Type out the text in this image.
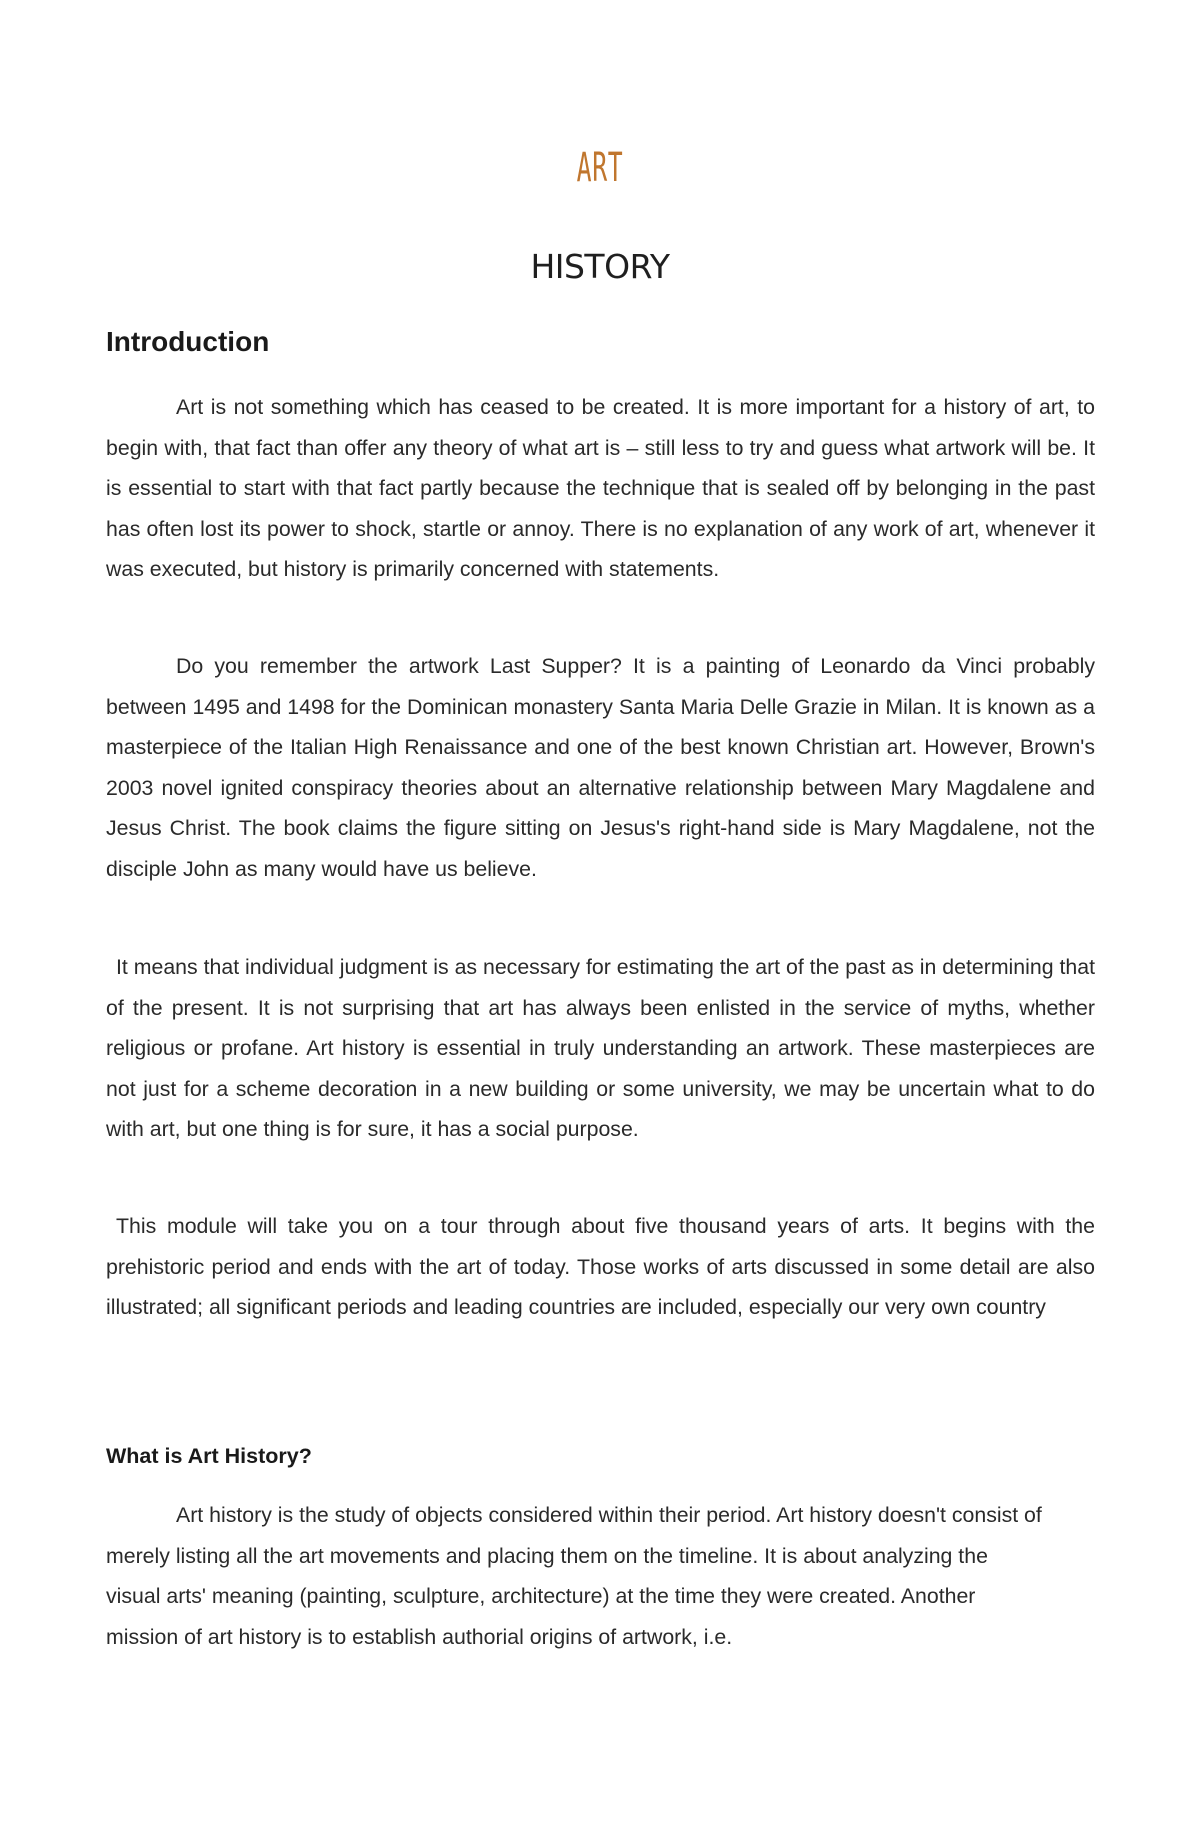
ART
HISTORY
Introduction

Art is not something which has ceased to be created. It is more important for a history of art, to begin with, that fact than offer any theory of what art is – still less to try and guess what artwork will be. It is essential to start with that fact partly because the technique that is sealed off by belonging in the past has often lost its power to shock, startle or annoy. There is no explanation of any work of art, whenever it was executed, but history is primarily concerned with statements.

Do you remember the artwork Last Supper? It is a painting of Leonardo da Vinci probably between 1495 and 1498 for the Dominican monastery Santa Maria Delle Grazie in Milan. It is known as a masterpiece of the Italian High Renaissance and one of the best known Christian art. However, Brown's 2003 novel ignited conspiracy theories about an alternative relationship between Mary Magdalene and Jesus Christ. The book claims the figure sitting on Jesus's right-hand side is Mary Magdalene, not the disciple John as many would have us believe.

It means that individual judgment is as necessary for estimating the art of the past as in determining that of the present. It is not surprising that art has always been enlisted in the service of myths, whether religious or profane. Art history is essential in truly understanding an artwork. These masterpieces are not just for a scheme decoration in a new building or some university, we may be uncertain what to do with art, but one thing is for sure, it has a social purpose.

This module will take you on a tour through about five thousand years of arts. It begins with the prehistoric period and ends with the art of today. Those works of arts discussed in some detail are also illustrated; all significant periods and leading countries are included, especially our very own country

What is Art History?

Art history is the study of objects considered within their period. Art history doesn't consist of merely listing all the art movements and placing them on the timeline. It is about analyzing the visual arts' meaning (painting, sculpture, architecture) at the time they were created. Another mission of art history is to establish authorial origins of artwork, i.e.
